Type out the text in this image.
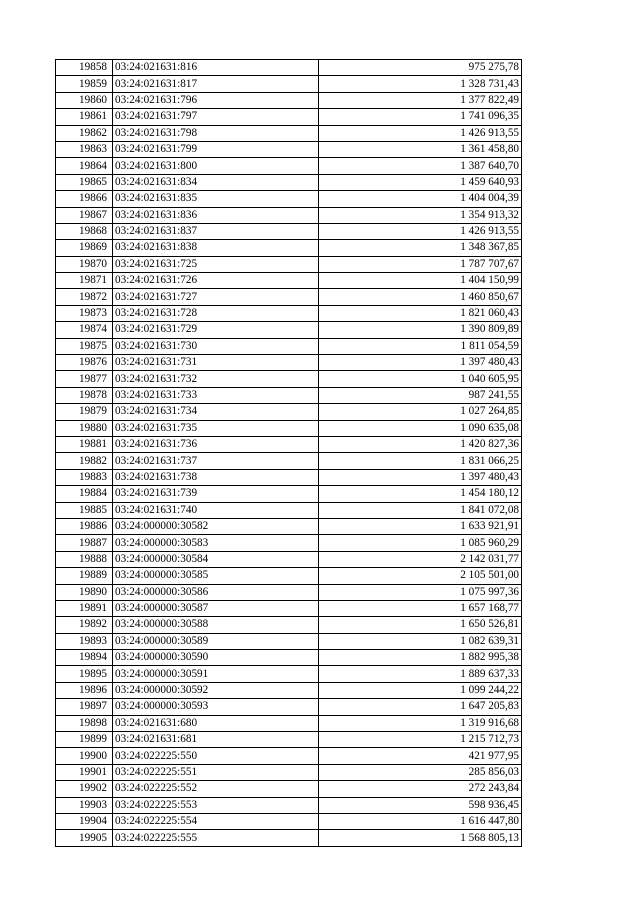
19858	03:24:021631:816	975 275,78
19859	03:24:021631:817	1 328 731,43
19860	03:24:021631:796	1 377 822,49
19861	03:24:021631:797	1 741 096,35
19862	03:24:021631:798	1 426 913,55
19863	03:24:021631:799	1 361 458,80
19864	03:24:021631:800	1 387 640,70
19865	03:24:021631:834	1 459 640,93
19866	03:24:021631:835	1 404 004,39
19867	03:24:021631:836	1 354 913,32
19868	03:24:021631:837	1 426 913,55
19869	03:24:021631:838	1 348 367,85
19870	03:24:021631:725	1 787 707,67
19871	03:24:021631:726	1 404 150,99
19872	03:24:021631:727	1 460 850,67
19873	03:24:021631:728	1 821 060,43
19874	03:24:021631:729	1 390 809,89
19875	03:24:021631:730	1 811 054,59
19876	03:24:021631:731	1 397 480,43
19877	03:24:021631:732	1 040 605,95
19878	03:24:021631:733	987 241,55
19879	03:24:021631:734	1 027 264,85
19880	03:24:021631:735	1 090 635,08
19881	03:24:021631:736	1 420 827,36
19882	03:24:021631:737	1 831 066,25
19883	03:24:021631:738	1 397 480,43
19884	03:24:021631:739	1 454 180,12
19885	03:24:021631:740	1 841 072,08
19886	03:24:000000:30582	1 633 921,91
19887	03:24:000000:30583	1 085 960,29
19888	03:24:000000:30584	2 142 031,77
19889	03:24:000000:30585	2 105 501,00
19890	03:24:000000:30586	1 075 997,36
19891	03:24:000000:30587	1 657 168,77
19892	03:24:000000:30588	1 650 526,81
19893	03:24:000000:30589	1 082 639,31
19894	03:24:000000:30590	1 882 995,38
19895	03:24:000000:30591	1 889 637,33
19896	03:24:000000:30592	1 099 244,22
19897	03:24:000000:30593	1 647 205,83
19898	03:24:021631:680	1 319 916,68
19899	03:24:021631:681	1 215 712,73
19900	03:24:022225:550	421 977,95
19901	03:24:022225:551	285 856,03
19902	03:24:022225:552	272 243,84
19903	03:24:022225:553	598 936,45
19904	03:24:022225:554	1 616 447,80
19905	03:24:022225:555	1 568 805,13
